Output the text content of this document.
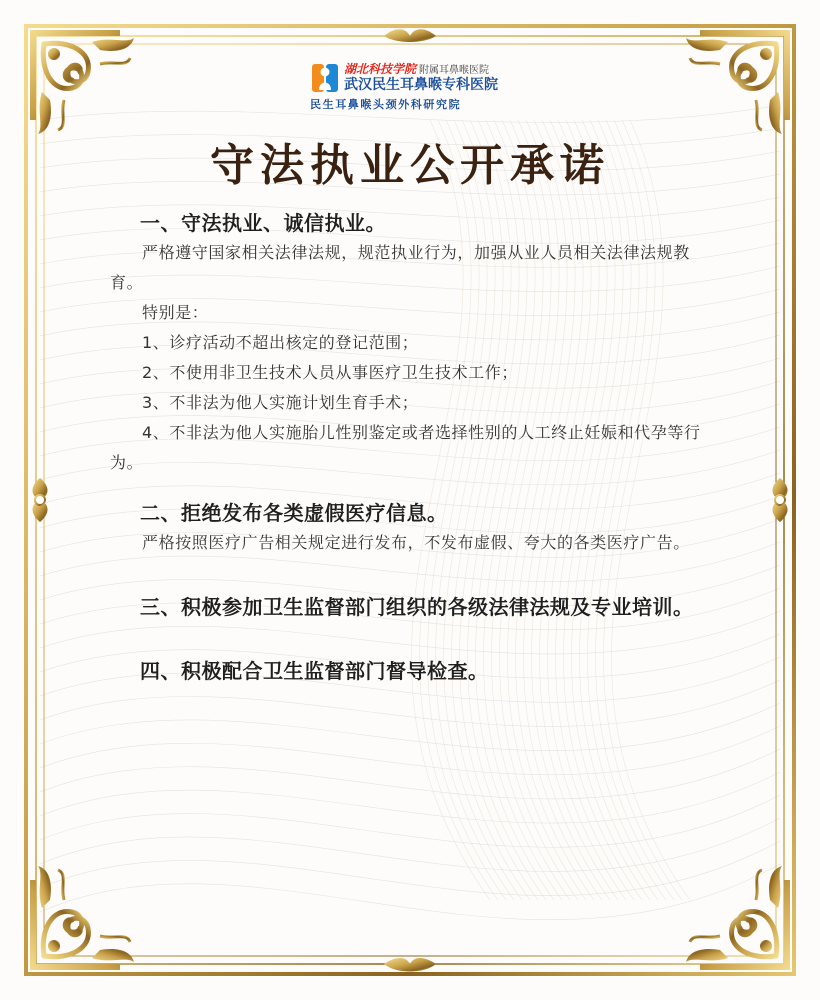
湖北科技学院 附属耳鼻喉医院
武汉民生耳鼻喉专科医院
民生耳鼻喉头颈外科研究院
守法执业公开承诺

一、守法执业、诚信执业。

严格遵守国家相关法律法规，规范执业行为，加强从业人员相关法律法规教育。

特别是：

1、诊疗活动不超出核定的登记范围；

2、不使用非卫生技术人员从事医疗卫生技术工作；

3、不非法为他人实施计划生育手术；

4、不非法为他人实施胎儿性别鉴定或者选择性别的人工终止妊娠和代孕等行为。

二、拒绝发布各类虚假医疗信息。

严格按照医疗广告相关规定进行发布，不发布虚假、夸大的各类医疗广告。

三、积极参加卫生监督部门组织的各级法律法规及专业培训。

四、积极配合卫生监督部门督导检查。
